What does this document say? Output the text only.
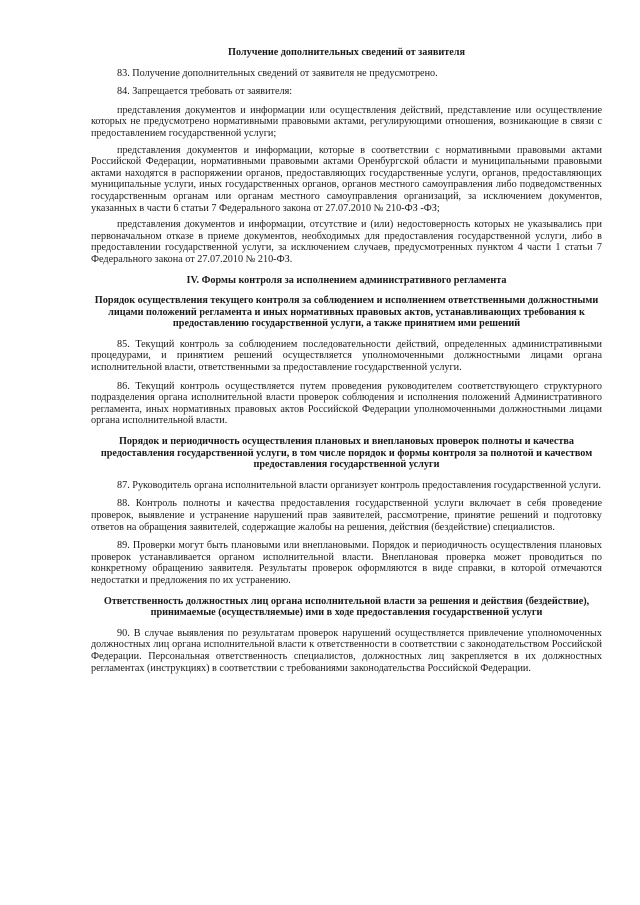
Получение дополнительных сведений от заявителя

83. Получение дополнительных сведений от заявителя не предусмотрено.

84. Запрещается требовать от заявителя:

представления документов и информации или осуществления действий, представление или осуществление которых не предусмотрено нормативными правовыми актами, регулирующими отношения, возникающие в связи с предоставлением государственной услуги;

представления документов и информации, которые в соответствии с нормативными правовыми актами Российской Федерации, нормативными правовыми актами Оренбургской области и муниципальными правовыми актами находятся в распоряжении органов, предоставляющих государственные услуги, органов, предоставляющих муниципальные услуги, иных государственных органов, органов местного самоуправления либо подведомственных государственным органам или органам местного самоуправления организаций, за исключением документов, указанных в части 6 статьи 7 Федерального закона от 27.07.2010 № 210-ФЗ -ФЗ;

представления документов и информации, отсутствие и (или) недостоверность которых не указывались при первоначальном отказе в приеме документов, необходимых для предоставления государственной услуги, либо в предоставлении государственной услуги, за исключением случаев, предусмотренных пунктом 4 части 1 статьи 7 Федерального закона от 27.07.2010 № 210-ФЗ.

IV. Формы контроля за исполнением административного регламента

Порядок осуществления текущего контроля за соблюдением и исполнением ответственными должностными лицами положений регламента и иных нормативных правовых актов, устанавливающих требования к предоставлению государственной услуги, а также принятием ими решений

85. Текущий контроль за соблюдением последовательности действий, определенных административными процедурами, и принятием решений осуществляется уполномоченными должностными лицами органа исполнительной власти, ответственными за предоставление государственной услуги.

86. Текущий контроль осуществляется путем проведения руководителем соответствующего структурного подразделения органа исполнительной власти проверок соблюдения и исполнения положений Административного регламента, иных нормативных правовых актов Российской Федерации уполномоченными должностными лицами органа исполнительной власти.

Порядок и периодичность осуществления плановых и внеплановых проверок полноты и качества предоставления государственной услуги, в том числе порядок и формы контроля за полнотой и качеством предоставления государственной услуги

87. Руководитель органа исполнительной власти организует контроль предоставления государственной услуги.

88. Контроль полноты и качества предоставления государственной услуги включает в себя проведение проверок, выявление и устранение нарушений прав заявителей, рассмотрение, принятие решений и подготовку ответов на обращения заявителей, содержащие жалобы на решения, действия (бездействие) специалистов.

89. Проверки могут быть плановыми или внеплановыми. Порядок и периодичность осуществления плановых проверок устанавливается органом исполнительной власти. Внеплановая проверка может проводиться по конкретному обращению заявителя. Результаты проверок оформляются в виде справки, в которой отмечаются недостатки и предложения по их устранению.

Ответственность должностных лиц органа исполнительной власти за решения и действия (бездействие), принимаемые (осуществляемые) ими в ходе предоставления государственной услуги

90. В случае выявления по результатам проверок нарушений осуществляется привлечение уполномоченных должностных лиц органа исполнительной власти к ответственности в соответствии с законодательством Российской Федерации. Персональная ответственность специалистов, должностных лиц закрепляется в их должностных регламентах (инструкциях) в соответствии с требованиями законодательства Российской Федерации.
